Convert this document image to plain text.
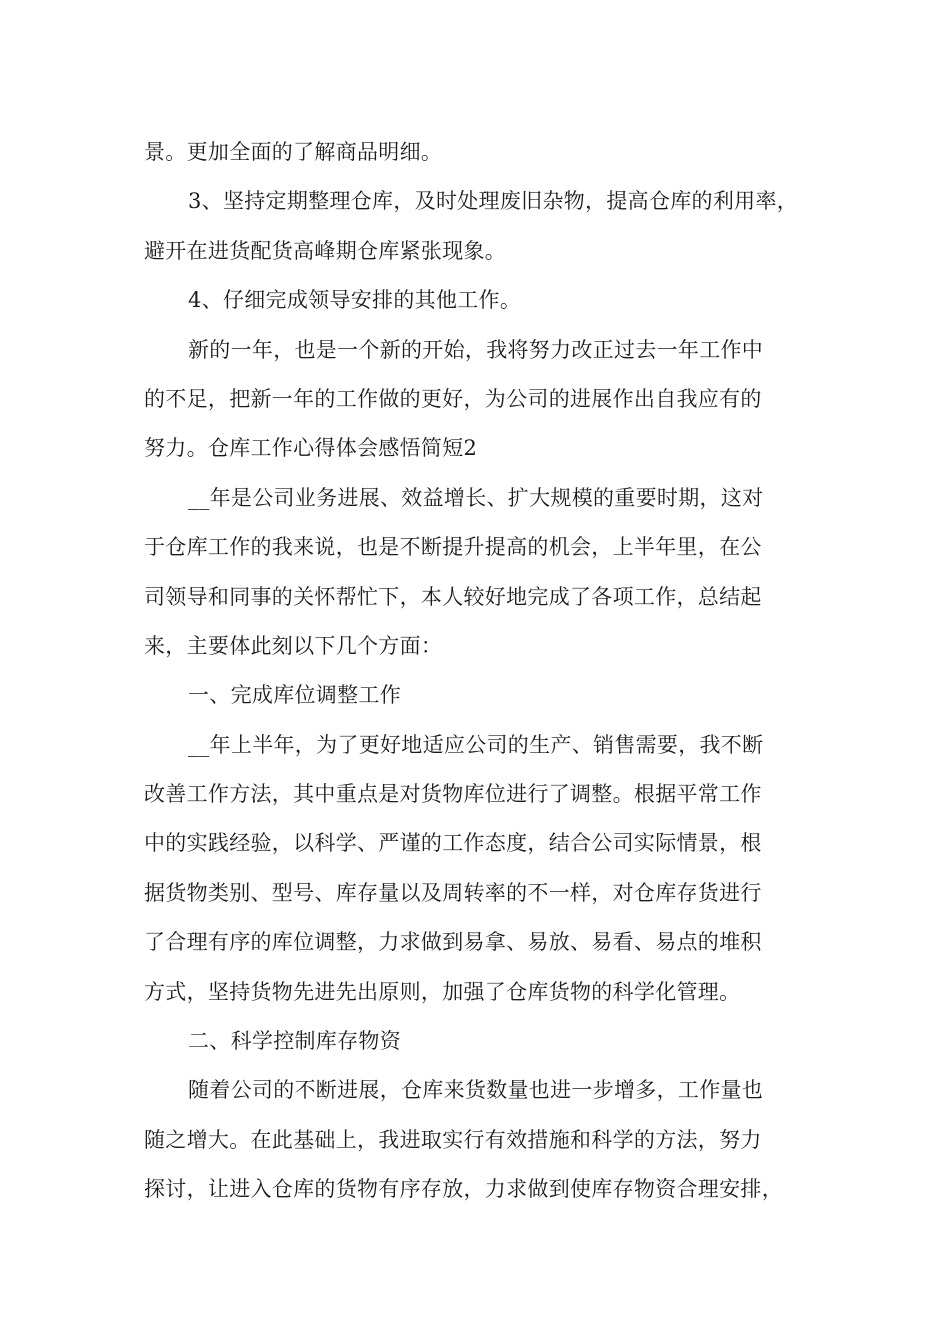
景。更加全面的了解商品明细。
3、坚持定期整理仓库，及时处理废旧杂物，提高仓库的利用率，
避开在进货配货高峰期仓库紧张现象。
4、仔细完成领导安排的其他工作。
新的一年，也是一个新的开始，我将努力改正过去一年工作中
的不足，把新一年的工作做的更好，为公司的进展作出自我应有的
努力。仓库工作心得体会感悟简短2
__年是公司业务进展、效益增长、扩大规模的重要时期，这对
于仓库工作的我来说，也是不断提升提高的机会，上半年里，在公
司领导和同事的关怀帮忙下，本人较好地完成了各项工作，总结起
来，主要体此刻以下几个方面：
一、完成库位调整工作
__年上半年，为了更好地适应公司的生产、销售需要，我不断
改善工作方法，其中重点是对货物库位进行了调整。根据平常工作
中的实践经验，以科学、严谨的工作态度，结合公司实际情景，根
据货物类别、型号、库存量以及周转率的不一样，对仓库存货进行
了合理有序的库位调整，力求做到易拿、易放、易看、易点的堆积
方式，坚持货物先进先出原则，加强了仓库货物的科学化管理。
二、科学控制库存物资
随着公司的不断进展，仓库来货数量也进一步增多，工作量也
随之增大。在此基础上，我进取实行有效措施和科学的方法，努力
探讨，让进入仓库的货物有序存放，力求做到使库存物资合理安排，
